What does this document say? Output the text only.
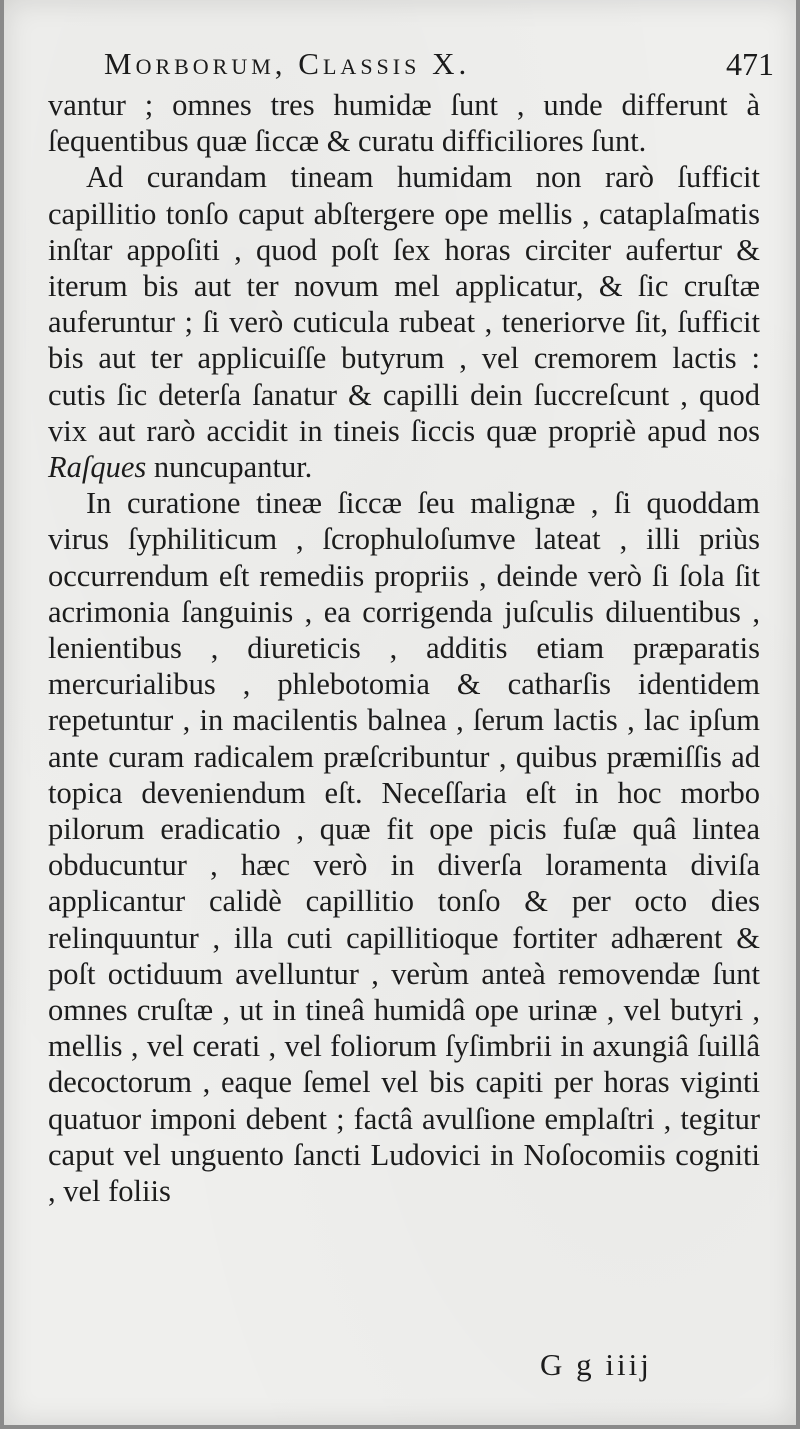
Morborum, Classis X.	471

vantur ; omnes tres humidæ ſunt , unde differunt à ſequentibus quæ ſiccæ & curatu difficiliores ſunt.

Ad curandam tineam humidam non rarò ſufficit capillitio tonſo caput abſtergere ope mellis , cataplaſmatis inſtar appoſiti , quod poſt ſex horas circiter aufertur & iterum bis aut ter novum mel applicatur, & ſic cruſtæ auferuntur ; ſi verò cuticula rubeat , teneriorve ſit, ſufficit bis aut ter applicuiſſe butyrum , vel cremorem lactis : cutis ſic deterſa ſanatur & capilli dein ſuccreſcunt , quod vix aut rarò accidit in tineis ſiccis quæ propriè apud nos Raſques nuncupantur.

In curatione tineæ ſiccæ ſeu malignæ , ſi quoddam virus ſyphiliticum , ſcrophuloſumve lateat , illi priùs occurrendum eſt remediis propriis , deinde verò ſi ſola ſit acrimonia ſanguinis , ea corrigenda juſculis diluentibus , lenientibus , diureticis , additis etiam præparatis mercurialibus , phlebotomia & catharſis identidem repetuntur , in macilentis balnea , ſerum lactis , lac ipſum ante curam radicalem præſcribuntur , quibus præmiſſis ad topica deveniendum eſt. Neceſſaria eſt in hoc morbo pilorum eradicatio , quæ fit ope picis fuſæ quâ lintea obducuntur , hæc verò in diverſa loramenta diviſa applicantur calidè capillitio tonſo & per octo dies relinquuntur , illa cuti capillitioque fortiter adhærent & poſt octiduum avelluntur , verùm anteà removendæ ſunt omnes cruſtæ , ut in tineâ humidâ ope urinæ , vel butyri , mellis , vel cerati , vel foliorum ſyſimbrii in axungiâ ſuillâ decoctorum , eaque ſemel vel bis capiti per horas viginti quatuor imponi debent ; factâ avulſione emplaſtri , tegitur caput vel unguento ſancti Ludovici in Noſocomiis cogniti , vel foliis

G g iiij
